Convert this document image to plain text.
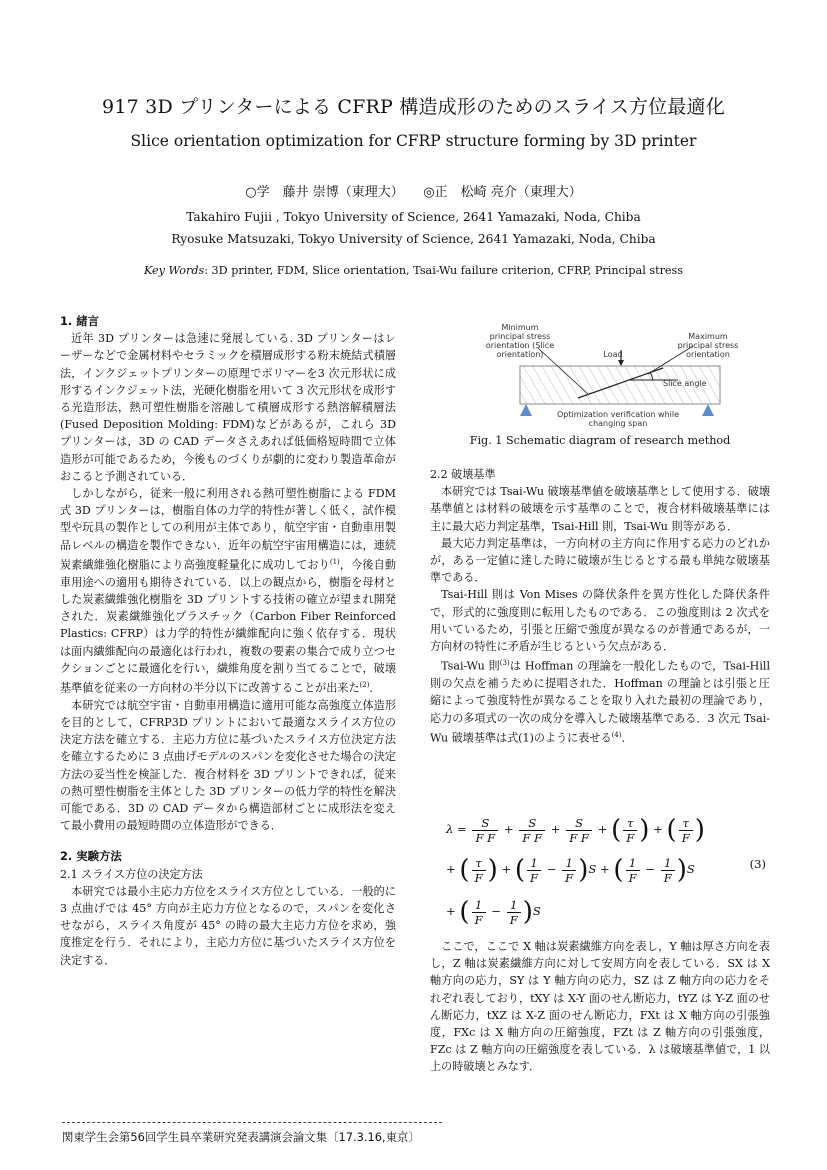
917 3D プリンターによる CFRP 構造成形のためのスライス方位最適化
Slice orientation optimization for CFRP structure forming by 3D printer
○学　藤井 崇博（東理大）　　◎正　松崎 亮介（東理大）
Takahiro Fujii , Tokyo University of Science, 2641 Yamazaki, Noda, Chiba
Ryosuke Matsuzaki, Tokyo University of Science, 2641 Yamazaki, Noda, Chiba
Key Words: 3D printer, FDM, Slice orientation, Tsai-Wu failure criterion, CFRP, Principal stress
1. 緒言

近年 3D プリンターは急速に発展している. 3D プリンターはレーザーなどで金属材料やセラミックを積層成形する粉末焼結式積層法，インクジェットプリンターの原理でポリマーを3 次元形状に成形するインクジェット法，光硬化樹脂を用いて 3 次元形状を成形する光造形法，熱可塑性樹脂を溶融して積層成形する熱溶解積層法(Fused Deposition Molding: FDM)などがあるが，これら 3D プリンターは，3D の CAD データさえあれば低価格短時間で立体造形が可能であるため，今後ものづくりが劇的に変わり製造革命がおこると予測されている．

しかしながら，従来一般に利用される熱可塑性樹脂による FDM 式 3D プリンターは，樹脂自体の力学的特性が著しく低く，試作模型や玩具の製作としての利用が主体であり，航空宇宙・自動車用製品レベルの構造を製作できない．近年の航空宇宙用構造には，連続炭素繊維強化樹脂により高強度軽量化に成功しており$^{(1)}$，今後自動車用途への適用も期待されている．以上の観点から，樹脂を母材とした炭素繊維強化樹脂を 3D プリントする技術の確立が望まれ開発された．炭素繊維強化プラスチック（Carbon Fiber Reinforced Plastics: CFRP）は力学的特性が繊維配向に強く依存する．現状は面内繊維配向の最適化は行われ，複数の要素の集合で成り立つセクションごとに最適化を行い，繊維角度を割り当てることで，破壊基準値を従来の一方向材の半分以下に改善することが出来た$^{(2)}$．

本研究では航空宇宙・自動車用構造に適用可能な高強度立体造形を目的として，CFRP3D プリントにおいて最適なスライス方位の決定方法を確立する．主応力方位に基づいたスライス方位決定方法を確立するために 3 点曲げモデルのスパンを変化させた場合の決定方法の妥当性を検証した．複合材料を 3D プリントできれば，従来の熱可塑性樹脂を主体とした 3D プリンターの低力学的特性を解決可能である．3D の CAD データから構造部材ごとに成形法を変えて最小費用の最短時間の立体造形ができる．

2. 実験方法
2.1 スライス方位の決定方法

本研究では最小主応力方位をスライス方位としている．一般的に 3 点曲げでは 45° 方向が主応力方位となるので，スパンを変化させながら，スライス角度が 45° の時の最大主応力方位を求め，強度推定を行う．それにより，主応力方位に基づいたスライス方位を決定する．

Minimum
principal stress
orientation (Slice
orientation)	Load
Maximum
principal stress
orientation
Slice angle
Optimization verification while
changing span
Fig. 1 Schematic diagram of research method
2.2 破壊基準

本研究では Tsai-Wu 破壊基準値を破壊基準として使用する．破壊基準値とは材料の破壊を示す基準のことで，複合材料破壊基準には主に最大応力判定基準，Tsai-Hill 則，Tsai-Wu 則等がある．

最大応力判定基準は，一方向材の主方向に作用する応力のどれかが，ある一定値に達した時に破壊が生じるとする最も単純な破壊基準である．

Tsai-Hill 則は Von Mises の降伏条件を異方性化した降伏条件で，形式的に強度則に転用したものである．この強度則は 2 次式を用いているため，引張と圧縮で強度が異なるのが普通であるが，一方向材の特性に矛盾が生じるという欠点がある．

Tsai-Wu 則$^{(3)}$は Hoffman の理論を一般化したもので，Tsai-Hill 則の欠点を補うために提唱された．Hoffman の理論とは引張と圧縮によって強度特性が異なることを取り入れた最初の理論であり，応力の多項式の一次の成分を導入した破壊基準である．3 次元 Tsai-Wu 破壊基準は式(1)のように表せる$^{(4)}$．

$\lambda = \frac{S}{\text{F F}} + \frac{S}{\text{F F}} + \frac{S}{\text{F F}}$ + ( $\frac{\tau}{F}$ ) + ( $\frac{\tau}{F}$ )
+ ( $\frac{\tau}{F}$ ) + ( $\frac{1}{F} - \frac{1}{F} )S$ + ( $\frac{1}{F} - \frac{1}{F} )S$
+ ( $\frac{1}{F} - \frac{1}{F} )S$
(3)

ここで，ここで X 軸は炭素繊維方向を表し，Y 軸は厚さ方向を表し，Z 軸は炭素繊維方向に対して安周方向を表している．SX は X 軸方向の応力，SY は Y 軸方向の応力，SZ は Z 軸方向の応力をそれぞれ表しており，tXY は X-Y 面のせん断応力，tYZ は Y-Z 面のせん断応力，tXZ は X-Z 面のせん断応力，FXt は X 軸方向の引張強度，FXc は X 軸方向の圧縮強度，FZt は Z 軸方向の引張強度，FZc は Z 軸方向の圧縮強度を表している．λ は破壊基準値で，1 以上の時破壊とみなす．

関東学生会第56回学生員卒業研究発表講演会論文集〔17.3.16,東京〕
